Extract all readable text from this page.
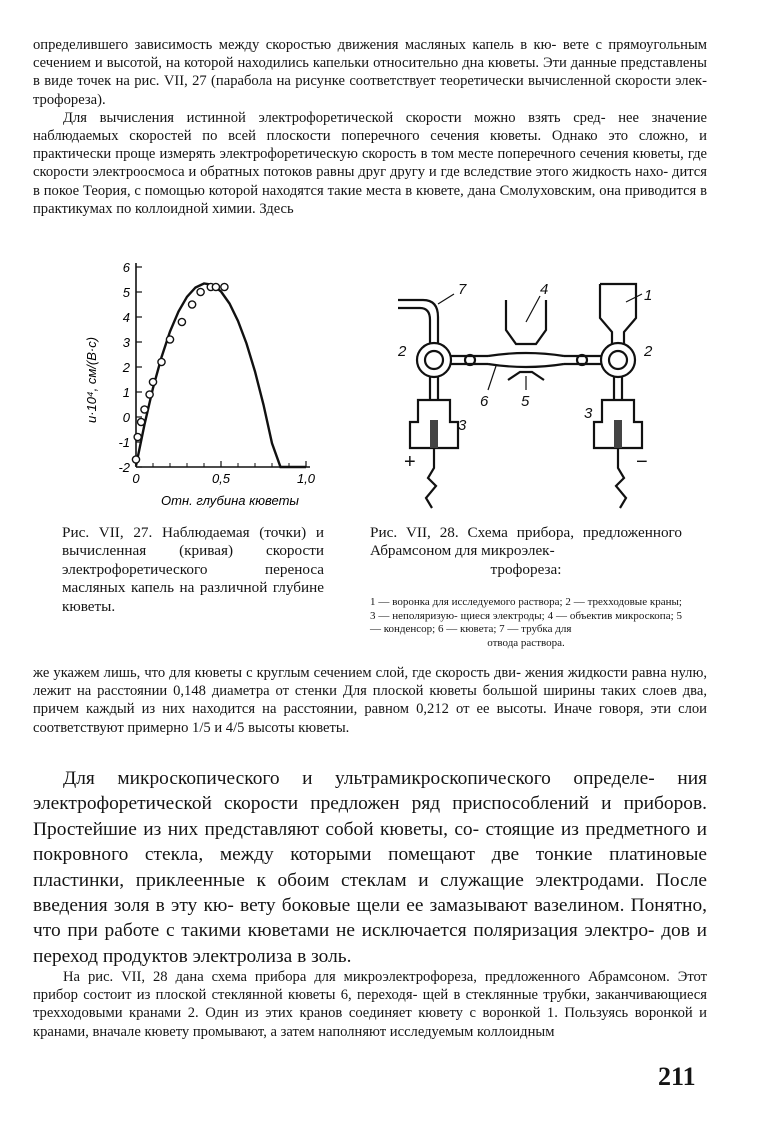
определившего зависимость между скоростью движения масляных капель в кю- вете с прямоугольным сечением и высотой, на которой находились капельки относительно дна кюветы. Эти данные представлены в виде точек на рис. VII, 27 (парабола на рисунке соответствует теоретически вычисленной скорости элек- трофореза).

Для вычисления истинной электрофоретической скорости можно взять сред- нее значение наблюдаемых скоростей по всей плоскости поперечного сечения кюветы. Однако это сложно, и практически проще измерять электрофоретическую скорость в том месте поперечного сечения кюветы, где скорости электроосмоса и обратных потоков равны друг другу и где вследствие этого жидкость нахо- дится в покое Теория, с помощью которой находятся такие места в кювете, дана Смолуховским, она приводится в практикумах по коллоидной химии. Здесь

6
5
4
3
2
1
0
-1
-2
0	0,5	1,0
Отн. глубина кюветы
u·10⁴, см/(В·с)
7	4	1
2	2
3
3
6 5
+	−
Рис. VII, 27. Наблюдаемая (точки) и вычисленная (кривая) скорости электрофоретического переноса масляных капель на различной глубине кюветы.
Рис. VII, 28. Схема прибора, предложенного Абрамсоном для микроэлек-
трофореза:
1 — воронка для исследуемого раствора; 2 — трехходовые краны; 3 — неполяризую- щиеся электроды; 4 — объектив микроскопа; 5 — конденсор; 6 — кювета; 7 — трубка для
отвода раствора.

же укажем лишь, что для кюветы с круглым сечением слой, где скорость дви- жения жидкости равна нулю, лежит на расстоянии 0,148 диаметра от стенки Для плоской кюветы большой ширины таких слоев два, причем каждый из них находится на расстоянии, равном 0,212 от ее высоты. Иначе говоря, эти слои соответствуют примерно 1/5 и 4/5 высоты кюветы.

Для микроскопического и ультрамикроскопического определе- ния электрофоретической скорости предложен ряд приспособлений и приборов. Простейшие из них представляют собой кюветы, со- стоящие из предметного и покровного стекла, между которыми помещают две тонкие платиновые пластинки, приклеенные к обоим стеклам и служащие электродами. После введения золя в эту кю- вету боковые щели ее замазывают вазелином. Понятно, что при работе с такими кюветами не исключается поляризация электро- дов и переход продуктов электролиза в золь.

На рис. VII, 28 дана схема прибора для микроэлектрофореза, предложенного Абрамсоном. Этот прибор состоит из плоской стеклянной кюветы 6, переходя- щей в стеклянные трубки, заканчивающиеся трехходовыми кранами 2. Один из этих кранов соединяет кювету с воронкой 1. Пользуясь воронкой и кранами, вначале кювету промывают, а затем наполняют исследуемым коллоидным

211
